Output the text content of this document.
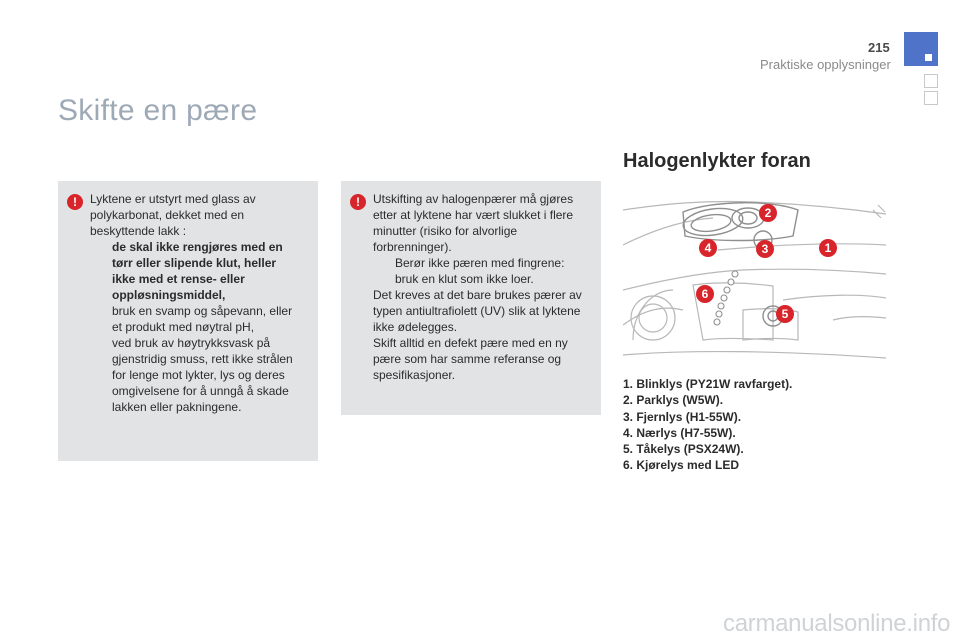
215
Praktiske opplysninger
Skifte en pære
!	Lyktene er utstyrt med glass av polykarbonat, dekket med en beskyttende lakk :

de skal ikke rengjøres med en tørr eller slipende klut, heller ikke med et rense- eller oppløsningsmiddel,
bruk en svamp og såpevann, eller et produkt med nøytral pH,
ved bruk av høytrykksvask på gjenstridig smuss, rett ikke strålen for lenge mot lykter, lys og deres omgivelsene for å unngå å skade lakken eller pakningene.
!	Utskifting av halogenpærer må gjøres etter at lyktene har vært slukket i flere minutter (risiko for alvorlige forbrenninger).

Berør ikke pæren med fingrene: bruk en klut som ikke loer.

Det kreves at det bare brukes pærer av typen antiultrafiolett (UV) slik at lyktene ikke ødelegges.

Skift alltid en defekt pære med en ny pære som har samme referanse og spesifikasjoner.

Halogenlykter foran
2
4	3	1
6
5
1. Blinklys (PY21W ravfarget).
2. Parklys (W5W).
3. Fjernlys (H1-55W).
4. Nærlys (H7-55W).
5. Tåkelys (PSX24W).
6. Kjørelys med LED
carmanualsonline.info
